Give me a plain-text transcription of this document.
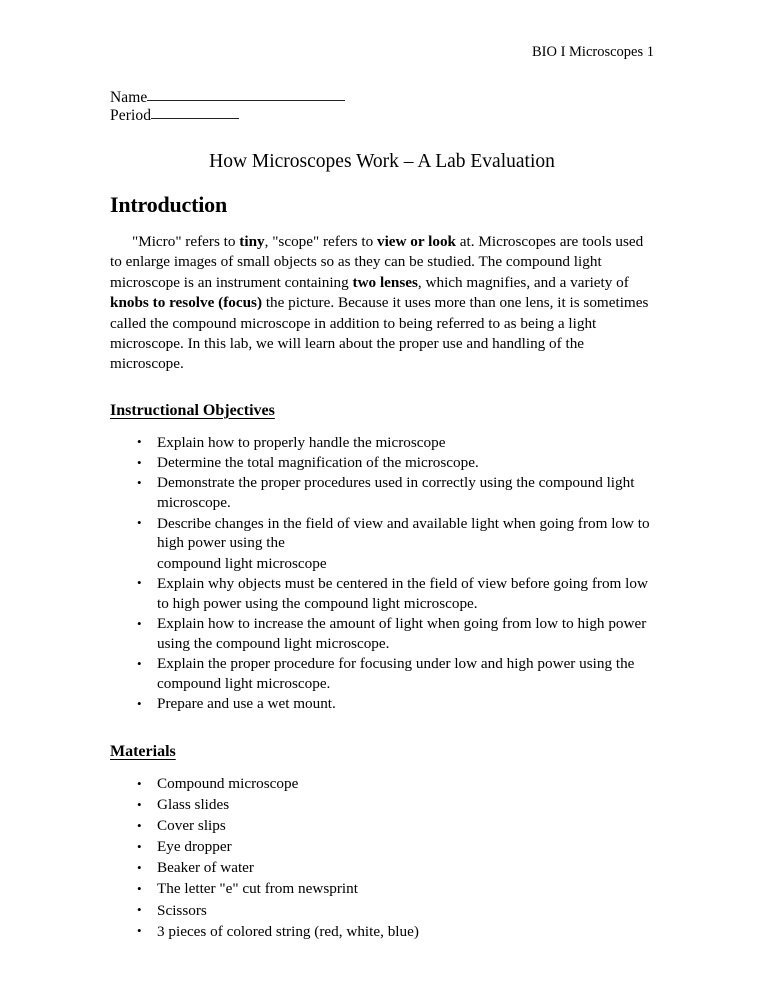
BIO I Microscopes 1
Name
Period
How Microscopes Work – A Lab Evaluation
Introduction

"Micro" refers to tiny, "scope" refers to view or look at. Microscopes are tools used to enlarge images of small objects so as they can be studied. The compound light microscope is an instrument containing two lenses, which magnifies, and a variety of knobs to resolve (focus) the picture. Because it uses more than one lens, it is sometimes called the compound microscope in addition to being referred to as being a light microscope. In this lab, we will learn about the proper use and handling of the microscope.

Instructional Objectives
• Explain how to properly handle the microscope
• Determine the total magnification of the microscope.
• Demonstrate the proper procedures used in correctly using the compound light microscope.
• Describe changes in the field of view and available light when going from low to high power using the
compound light microscope
• Explain why objects must be centered in the field of view before going from low to high power using the compound light microscope.
• Explain how to increase the amount of light when going from low to high power using the compound light microscope.
• Explain the proper procedure for focusing under low and high power using the compound light microscope.
• Prepare and use a wet mount.
Materials
• Compound microscope
• Glass slides
• Cover slips
• Eye dropper
• Beaker of water
• The letter "e" cut from newsprint
• Scissors
• 3 pieces of colored string (red, white, blue)
